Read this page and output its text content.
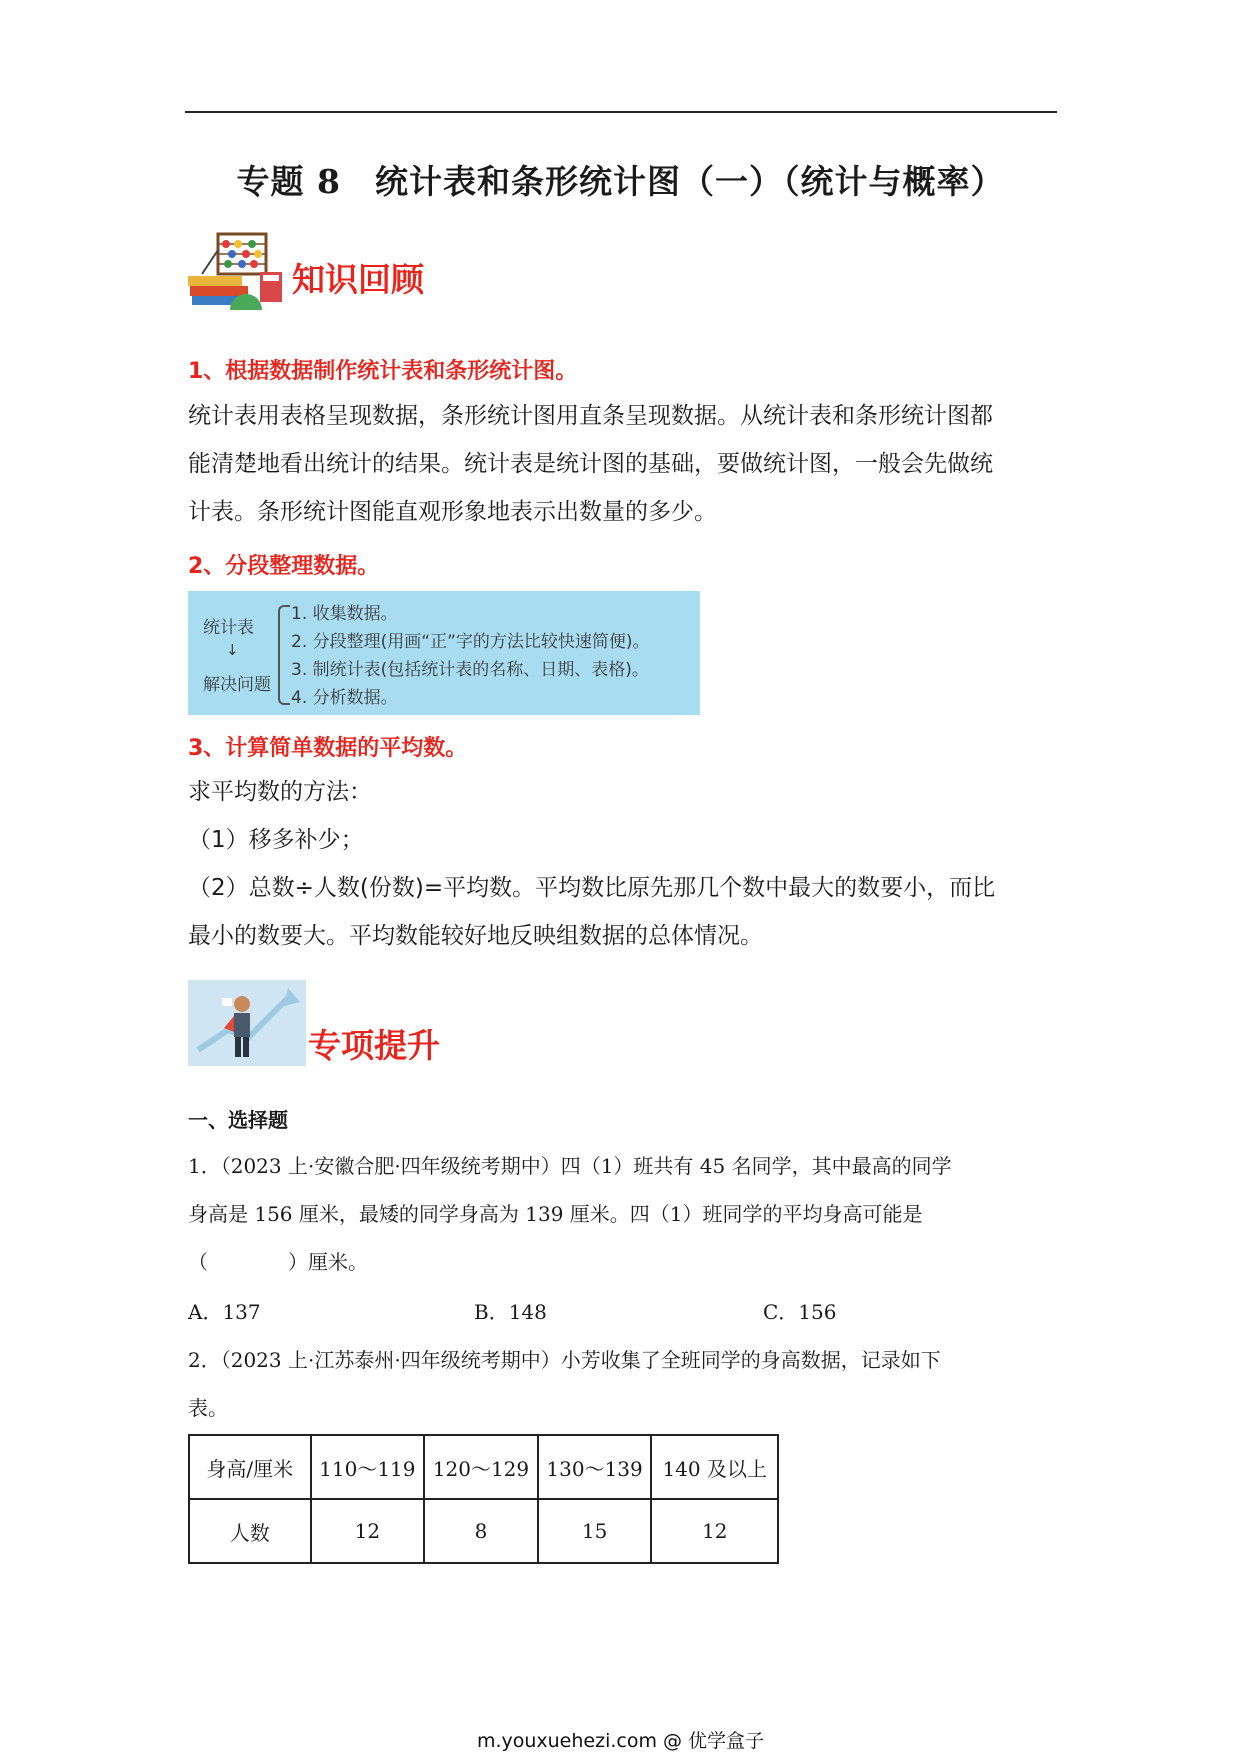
专题 8　统计表和条形统计图（一）（统计与概率）
知识回顾
1、根据数据制作统计表和条形统计图。
统计表用表格呈现数据，条形统计图用直条呈现数据。从统计表和条形统计图都
能清楚地看出统计的结果。统计表是统计图的基础，要做统计图，一般会先做统
计表。条形统计图能直观形象地表示出数量的多少。
2、分段整理数据。
统计表
↓
解决问题
1. 收集数据。
2. 分段整理(用画“正”字的方法比较快速简便)。
3. 制统计表(包括统计表的名称、日期、表格)。
4. 分析数据。
3、计算简单数据的平均数。
求平均数的方法：
（1）移多补少；
（2）总数÷人数(份数)=平均数。平均数比原先那几个数中最大的数要小，而比
最小的数要大。平均数能较好地反映组数据的总体情况。
专项提升
一、选择题
1．（2023 上·安徽合肥·四年级统考期中）四（1）班共有 45 名同学，其中最高的同学
身高是 156 厘米，最矮的同学身高为 139 厘米。四（1）班同学的平均身高可能是
（　　　　）厘米。
A．137	B．148	C．156
2．（2023 上·江苏泰州·四年级统考期中）小芳收集了全班同学的身高数据，记录如下
表。
身高/厘米	110～119	120～129	130～139	140 及以上
人数	12	8	15	12
m.youxuehezi.com @ 优学盒子
